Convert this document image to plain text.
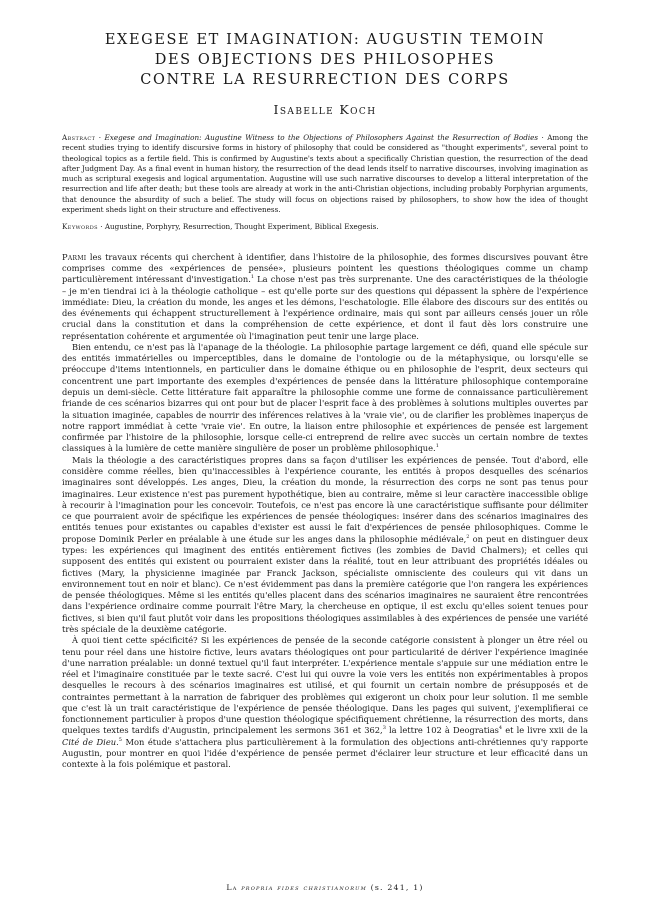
EXEGESE ET IMAGINATION: AUGUSTIN TEMOIN
DES OBJECTIONS DES PHILOSOPHES
CONTRE LA RESURRECTION DES CORPS
Isabelle Koch

Abstract · Exegese and Imagination: Augustine Witness to the Objections of Philosophers Against the Resurrection of Bodies · Among the recent studies trying to identify discursive forms in history of philosophy that could be considered as "thought experiments", several point to theological topics as a fertile field. This is confirmed by Augustine's texts about a specifically Christian question, the resurrection of the dead after Judgment Day. As a final event in human history, the resurrection of the dead lends itself to narrative discourses, involving imagination as much as scriptural exegesis and logical argumentation. Augustine will use such narrative discourses to develop a litteral interpretation of the resurrection and life after death; but these tools are already at work in the anti-Christian objections, including probably Porphyrian arguments, that denounce the absurdity of such a belief. The study will focus on objections raised by philosophers, to show how the idea of thought experiment sheds light on their structure and effectiveness.

Keywords · Augustine, Porphyry, Resurrection, Thought Experiment, Biblical Exegesis.

Parmi les travaux récents qui cherchent à identifier, dans l'histoire de la philosophie, des formes discursives pouvant être comprises comme des «expériences de pensée», plusieurs pointent les questions théologiques comme un champ particulièrement intéressant d'investigation.$^1$ La chose n'est pas très surprenante. Une des caractéristiques de la théologie – je m'en tiendrai ici à la théologie catholique – est qu'elle porte sur des questions qui dépassent la sphère de l'expérience immédiate: Dieu, la création du monde, les anges et les démons, l'eschatologie. Elle élabore des discours sur des entités ou des événements qui échappent structurellement à l'expérience ordinaire, mais qui sont par ailleurs censés jouer un rôle crucial dans la constitution et dans la compréhension de cette expérience, et dont il faut dès lors construire une représentation cohérente et argumentée où l'imagination peut tenir une large place.

Bien entendu, ce n'est pas là l'apanage de la théologie. La philosophie partage largement ce défi, quand elle spécule sur des entités immatérielles ou imperceptibles, dans le domaine de l'ontologie ou de la métaphysique, ou lorsqu'elle se préoccupe d'items intentionnels, en particulier dans le domaine éthique ou en philosophie de l'esprit, deux secteurs qui concentrent une part importante des exemples d'expériences de pensée dans la littérature philosophique contemporaine depuis un demi-siècle. Cette littérature fait apparaître la philosophie comme une forme de connaissance particulièrement friande de ces scénarios bizarres qui ont pour but de placer l'esprit face à des problèmes à solutions multiples ouvertes par la situation imaginée, capables de nourrir des inférences relatives à la 'vraie vie', ou de clarifier les problèmes inaperçus de notre rapport immédiat à cette 'vraie vie'. En outre, la liaison entre philosophie et expériences de pensée est largement confirmée par l'histoire de la philosophie, lorsque celle-ci entreprend de relire avec succès un certain nombre de textes classiques à la lumière de cette manière singulière de poser un problème philosophique.$^1$

Mais la théologie a des caractéristiques propres dans sa façon d'utiliser les expériences de pensée. Tout d'abord, elle considère comme réelles, bien qu'inaccessibles à l'expérience courante, les entités à propos desquelles des scénarios imaginaires sont développés. Les anges, Dieu, la création du monde, la résurrection des corps ne sont pas tenus pour imaginaires. Leur existence n'est pas purement hypothétique, bien au contraire, même si leur caractère inaccessible oblige à recourir à l'imagination pour les concevoir. Toutefois, ce n'est pas encore là une caractéristique suffisante pour délimiter ce que pourraient avoir de spécifique les expériences de pensée théologiques: insérer dans des scénarios imaginaires des entités tenues pour existantes ou capables d'exister est aussi le fait d'expériences de pensée philosophiques. Comme le propose Dominik Perler en préalable à une étude sur les anges dans la philosophie médiévale,$^2$ on peut en distinguer deux types: les expériences qui imaginent des entités entièrement fictives (les zombies de David Chalmers); et celles qui supposent des entités qui existent ou pourraient exister dans la réalité, tout en leur attribuant des propriétés idéales ou fictives (Mary, la physicienne imaginée par Franck Jackson, spécialiste omnisciente des couleurs qui vit dans un environnement tout en noir et blanc). Ce n'est évidemment pas dans la première catégorie que l'on rangera les expériences de pensée théologiques. Même si les entités qu'elles placent dans des scénarios imaginaires ne sauraient être rencontrées dans l'expérience ordinaire comme pourrait l'être Mary, la chercheuse en optique, il est exclu qu'elles soient tenues pour fictives, si bien qu'il faut plutôt voir dans les propositions théologiques assimilables à des expériences de pensée une variété très spéciale de la deuxième catégorie.

À quoi tient cette spécificité? Si les expériences de pensée de la seconde catégorie consistent à plonger un être réel ou tenu pour réel dans une histoire fictive, leurs avatars théologiques ont pour particularité de dériver l'expérience imaginée d'une narration préalable: un donné textuel qu'il faut interpréter. L'expérience mentale s'appuie sur une médiation entre le réel et l'imaginaire constituée par le texte sacré. C'est lui qui ouvre la voie vers les entités non expérimentables à propos desquelles le recours à des scénarios imaginaires est utilisé, et qui fournit un certain nombre de présupposés et de contraintes permettant à la narration de fabriquer des problèmes qui exigeront un choix pour leur solution. Il me semble que c'est là un trait caractéristique de l'expérience de pensée théologique. Dans les pages qui suivent, j'exemplifierai ce fonctionnement particulier à propos d'une question théologique spécifiquement chrétienne, la résurrection des morts, dans quelques textes tardifs d'Augustin, principalement les sermons 361 et 362,$^3$ la lettre 102 à Deogratias$^4$ et le livre xxii de la Cité de Dieu.$^5$ Mon étude s'attachera plus particulièrement à la formulation des objections anti-chrétiennes qu'y rapporte Augustin, pour montrer en quoi l'idée d'expérience de pensée permet d'éclairer leur structure et leur efficacité dans un contexte à la fois polémique et pastoral.

La propria fides christianorum (s. 241, 1)
